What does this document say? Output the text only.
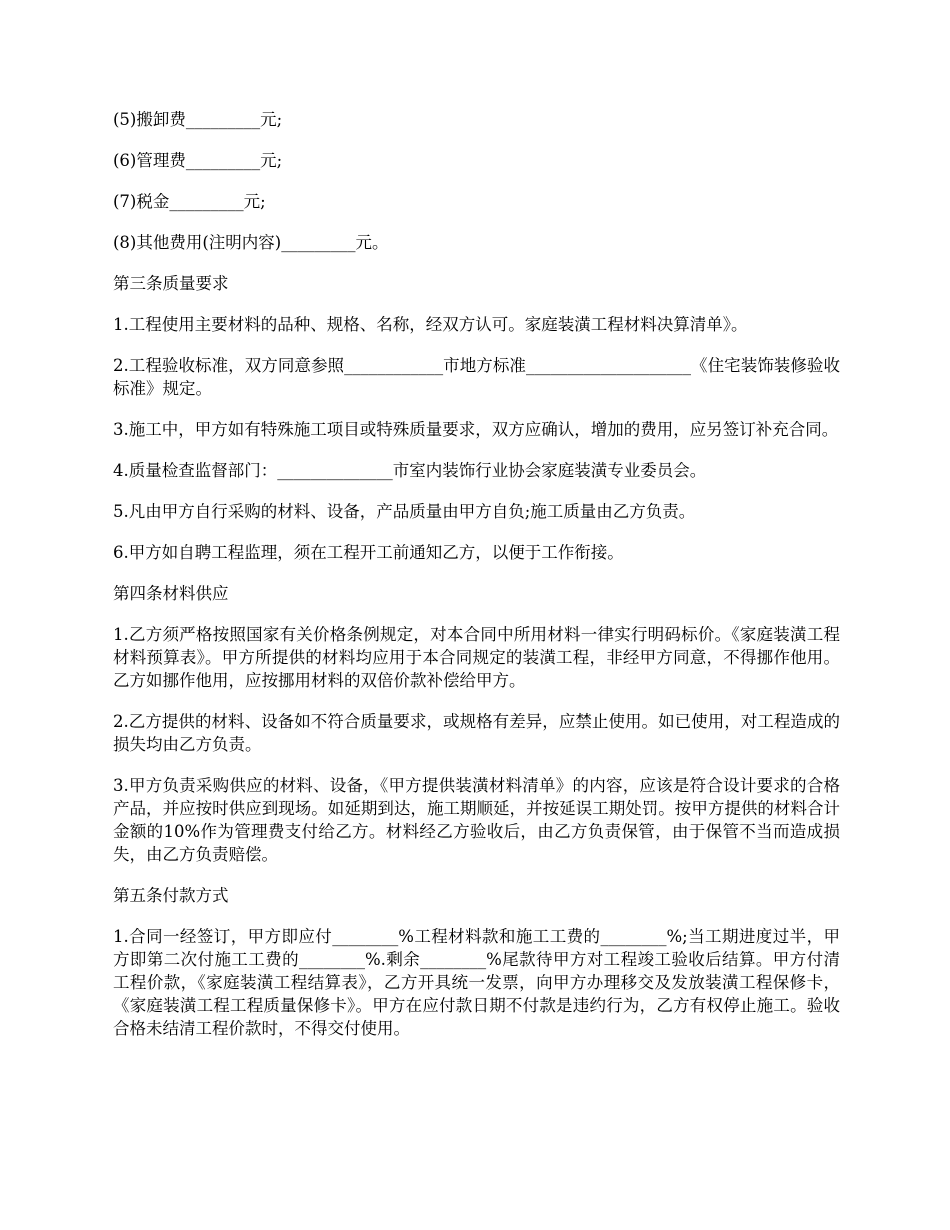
(5)搬卸费_________元;

(6)管理费_________元;

(7)税金_________元;

(8)其他费用(注明内容)_________元。

第三条质量要求

1.工程使用主要材料的品种、规格、名称，经双方认可。家庭装潢工程材料决算清单》。

2.工程验收标准，双方同意参照____________市地方标准____________________《住宅装饰装修验收标准》规定。

3.施工中，甲方如有特殊施工项目或特殊质量要求，双方应确认，增加的费用，应另签订补充合同。

4.质量检查监督部门：______________市室内装饰行业协会家庭装潢专业委员会。

5.凡由甲方自行采购的材料、设备，产品质量由甲方自负;施工质量由乙方负责。

6.甲方如自聘工程监理，须在工程开工前通知乙方，以便于工作衔接。

第四条材料供应

1.乙方须严格按照国家有关价格条例规定，对本合同中所用材料一律实行明码标价。《家庭装潢工程材料预算表》。甲方所提供的材料均应用于本合同规定的装潢工程，非经甲方同意，不得挪作他用。乙方如挪作他用，应按挪用材料的双倍价款补偿给甲方。

2.乙方提供的材料、设备如不符合质量要求，或规格有差异，应禁止使用。如已使用，对工程造成的损失均由乙方负责。

3.甲方负责采购供应的材料、设备，《甲方提供装潢材料清单》的内容，应该是符合设计要求的合格产品，并应按时供应到现场。如延期到达，施工期顺延，并按延误工期处罚。按甲方提供的材料合计金额的10%作为管理费支付给乙方。材料经乙方验收后，由乙方负责保管，由于保管不当而造成损失，由乙方负责赔偿。

第五条付款方式

1.合同一经签订，甲方即应付________%工程材料款和施工工费的________%;当工期进度过半，甲方即第二次付施工工费的________%.剩余________%尾款待甲方对工程竣工验收后结算。甲方付清工程价款，《家庭装潢工程结算表》，乙方开具统一发票，向甲方办理移交及发放装潢工程保修卡，《家庭装潢工程工程质量保修卡》。甲方在应付款日期不付款是违约行为，乙方有权停止施工。验收合格未结清工程价款时，不得交付使用。
